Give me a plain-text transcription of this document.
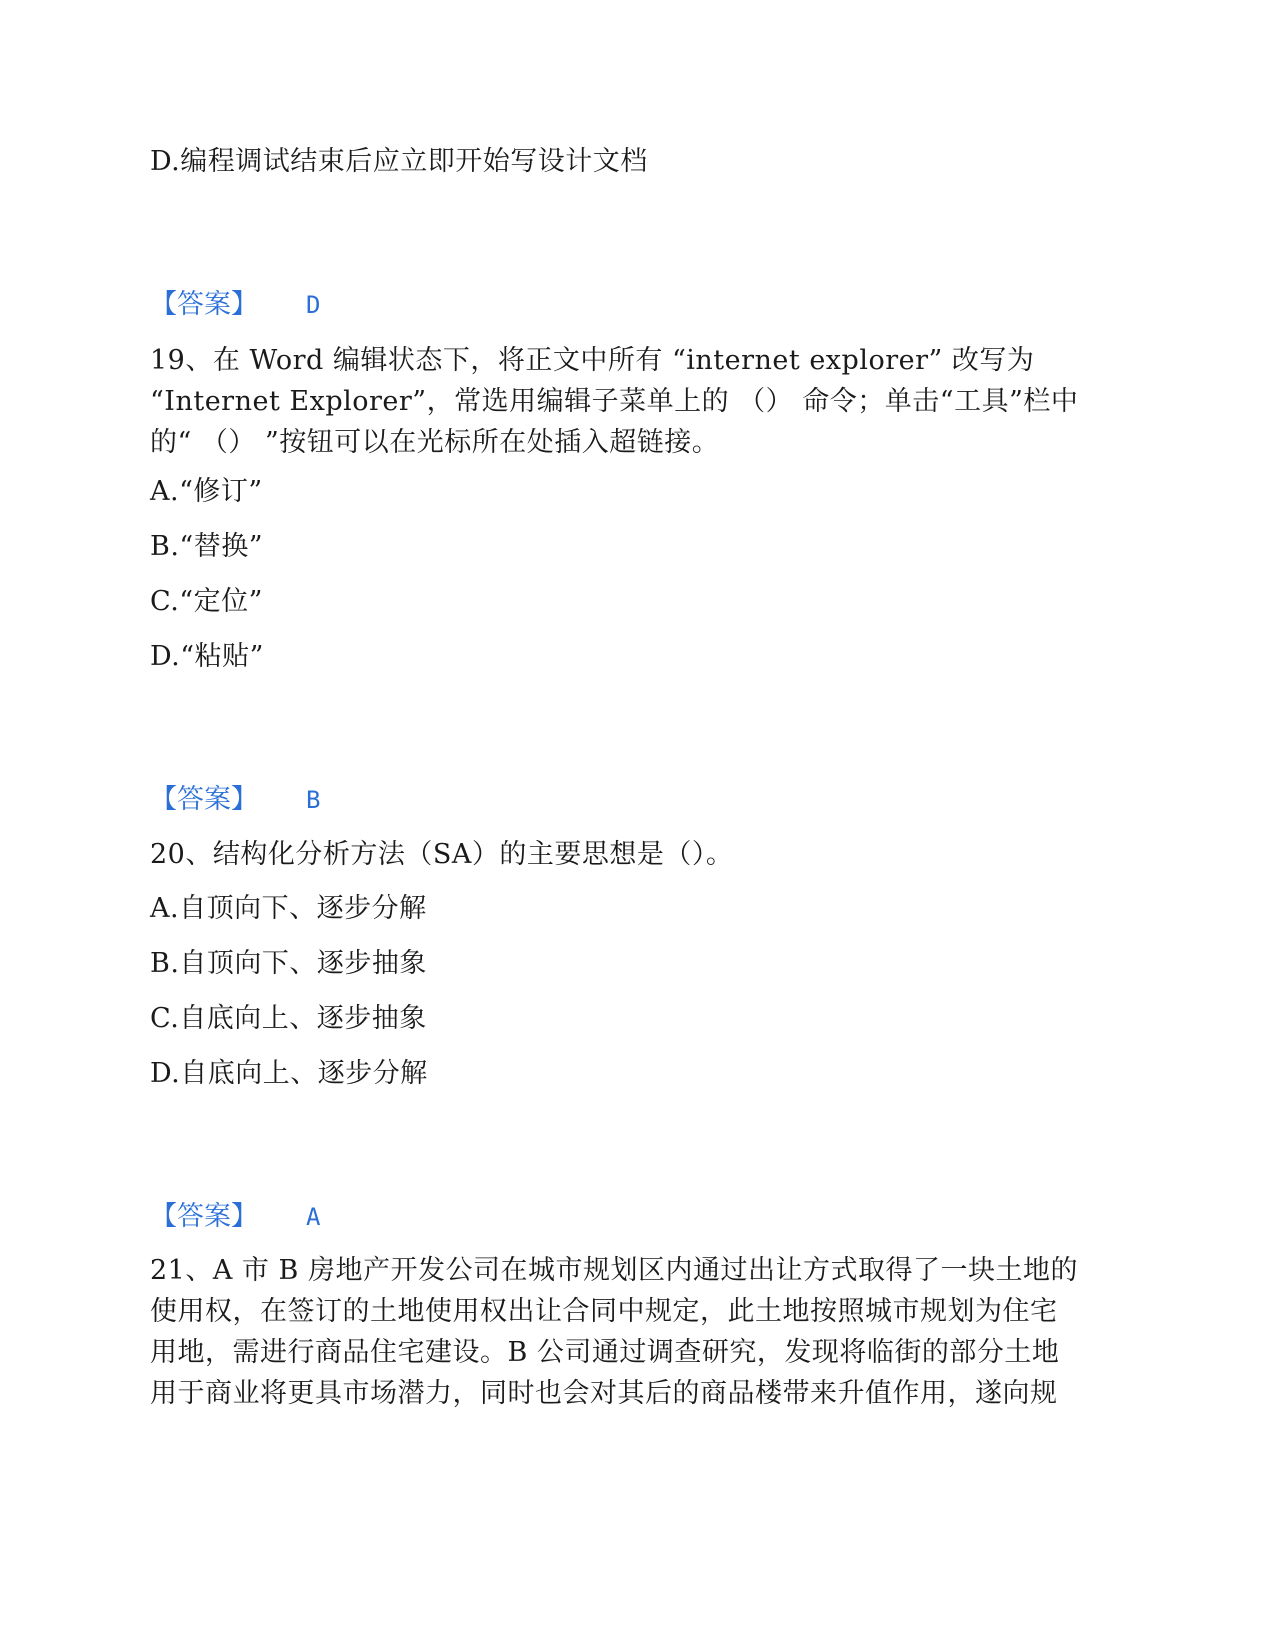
D.编程调试结束后应立即开始写设计文档
【答案】 D
19、在 Word 编辑状态下，将正文中所有 “internet explorer” 改写为
“Internet Explorer”，常选用编辑子菜单上的 （） 命令；单击“工具”栏中
的“ （） ”按钮可以在光标所在处插入超链接。
A.“修订”
B.“替换”
C.“定位”
D.“粘贴”
【答案】 B
20、结构化分析方法（SA）的主要思想是（）。
A.自顶向下、逐步分解
B.自顶向下、逐步抽象
C.自底向上、逐步抽象
D.自底向上、逐步分解
【答案】 A
21、A 市 B 房地产开发公司在城市规划区内通过出让方式取得了一块土地的
使用权，在签订的土地使用权出让合同中规定，此土地按照城市规划为住宅
用地，需进行商品住宅建设。B 公司通过调查研究，发现将临街的部分土地
用于商业将更具市场潜力，同时也会对其后的商品楼带来升值作用，遂向规
